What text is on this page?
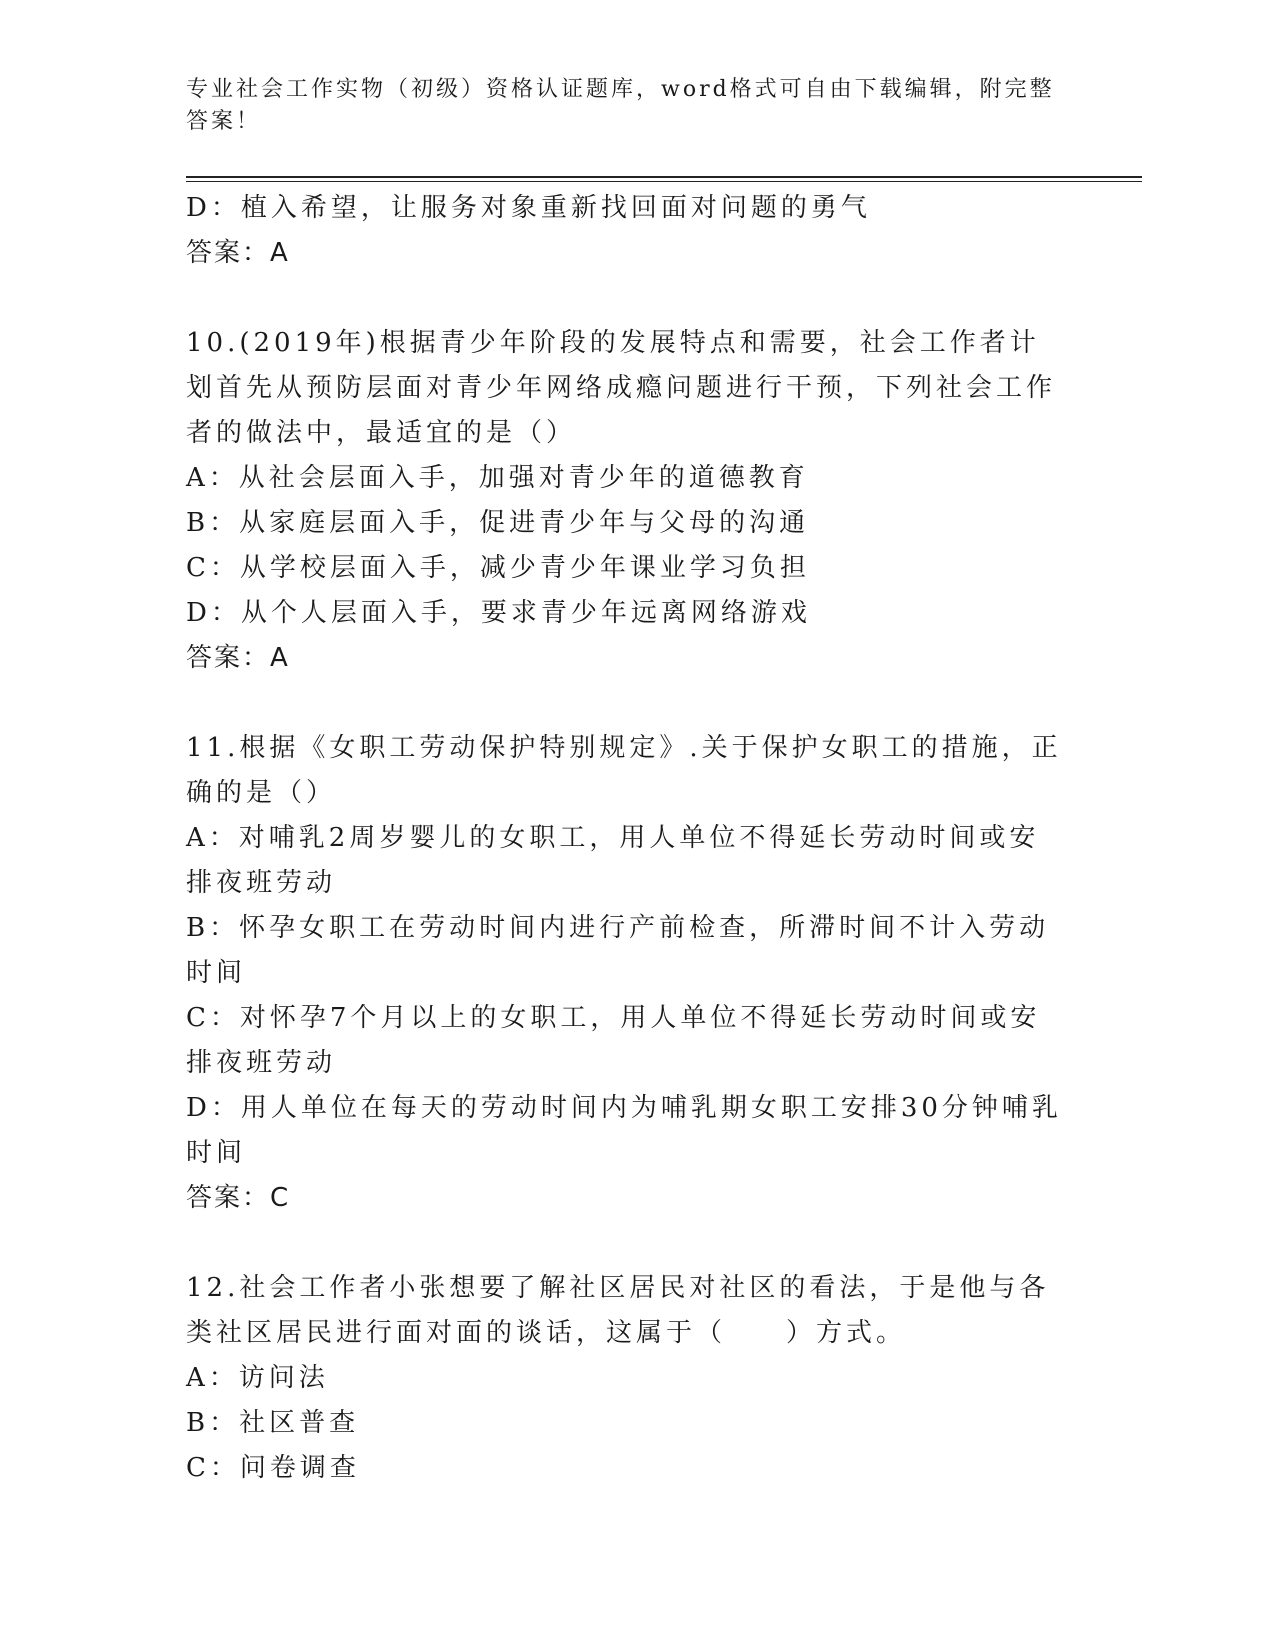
专业社会工作实物（初级）资格认证题库，word格式可自由下载编辑，附完整答案！

D：植入希望，让服务对象重新找回面对问题的勇气

答案：A

10.(2019年)根据青少年阶段的发展特点和需要，社会工作者计划首先从预防层面对青少年网络成瘾问题进行干预，下列社会工作者的做法中，最适宜的是（）

A：从社会层面入手，加强对青少年的道德教育

B：从家庭层面入手，促进青少年与父母的沟通

C：从学校层面入手，减少青少年课业学习负担

D：从个人层面入手，要求青少年远离网络游戏

答案：A

11.根据《女职工劳动保护特别规定》.关于保护女职工的措施，正确的是（）

A：对哺乳2周岁婴儿的女职工，用人单位不得延长劳动时间或安排夜班劳动

B：怀孕女职工在劳动时间内进行产前检查，所滞时间不计入劳动时间

C：对怀孕7个月以上的女职工，用人单位不得延长劳动时间或安排夜班劳动

D：用人单位在每天的劳动时间内为哺乳期女职工安排30分钟哺乳时间

答案：C

12.社会工作者小张想要了解社区居民对社区的看法，于是他与各类社区居民进行面对面的谈话，这属于（　　）方式。

A：访问法

B：社区普查

C：问卷调查
